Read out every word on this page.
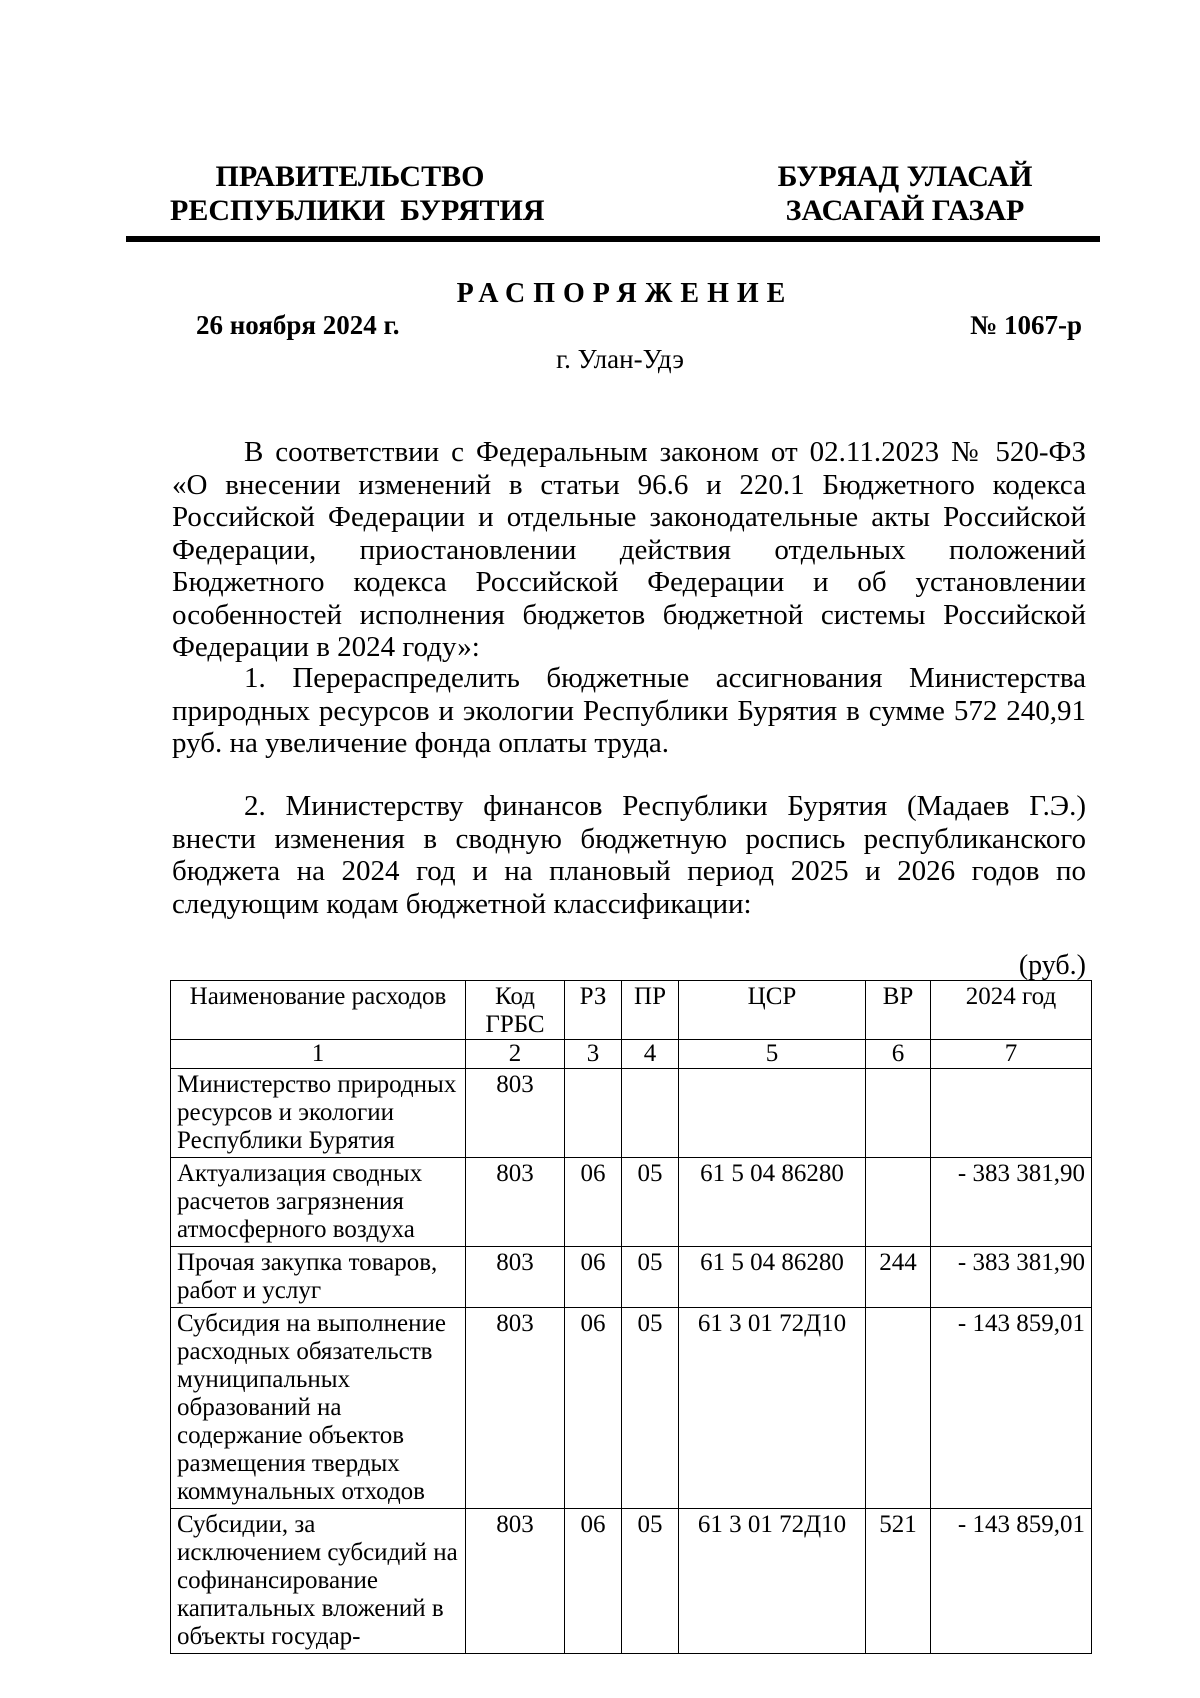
ПРАВИТЕЛЬСТВО
РЕСПУБЛИКИ  БУРЯТИЯ
БУРЯАД УЛАСАЙ
ЗАСАГАЙ ГАЗАР
РАСПОРЯЖЕНИЕ
26 ноября 2024 г.	№ 1067-р
г. Улан-Удэ

В соответствии с Федеральным законом от 02.11.2023 № 520-ФЗ «О внесении изменений в статьи 96.6 и 220.1 Бюджетного кодекса Российской Федерации и отдельные законодательные акты Российской Федерации, приостановлении действия отдельных положений Бюджетного кодекса Российской Федерации и об установлении особенностей исполнения бюджетов бюджетной системы Российской Федерации в 2024 году»:

1. Перераспределить бюджетные ассигнования Министерства природных ресурсов и экологии Республики Бурятия в сумме 572 240,91 руб. на увеличение фонда оплаты труда.

2. Министерству финансов Республики Бурятия (Мадаев Г.Э.) внести изменения в сводную бюджетную роспись республиканского бюджета на 2024 год и на плановый период 2025 и 2026 годов по следующим кодам бюджетной классификации:

(руб.)
Наименование расходов	Код ГРБС	РЗ	ПР	ЦСР	ВР	2024 год
1	2	3	4	5	6	7
Министерство природных ресурсов и экологии Республики Бурятия	803					
Актуализация сводных расчетов загрязнения атмосферного воздуха	803	06	05	61 5 04 86280		- 383 381,90
Прочая закупка товаров, работ и услуг	803	06	05	61 5 04 86280	244	- 383 381,90
Субсидия на выполнение расходных обязательств муниципальных образований на содержание объектов размещения твердых коммунальных отходов	803	06	05	61 3 01 72Д10		- 143 859,01
Субсидии, за исключением субсидий на софинансирование капитальных вложений в объекты государ-	803	06	05	61 3 01 72Д10	521	- 143 859,01
